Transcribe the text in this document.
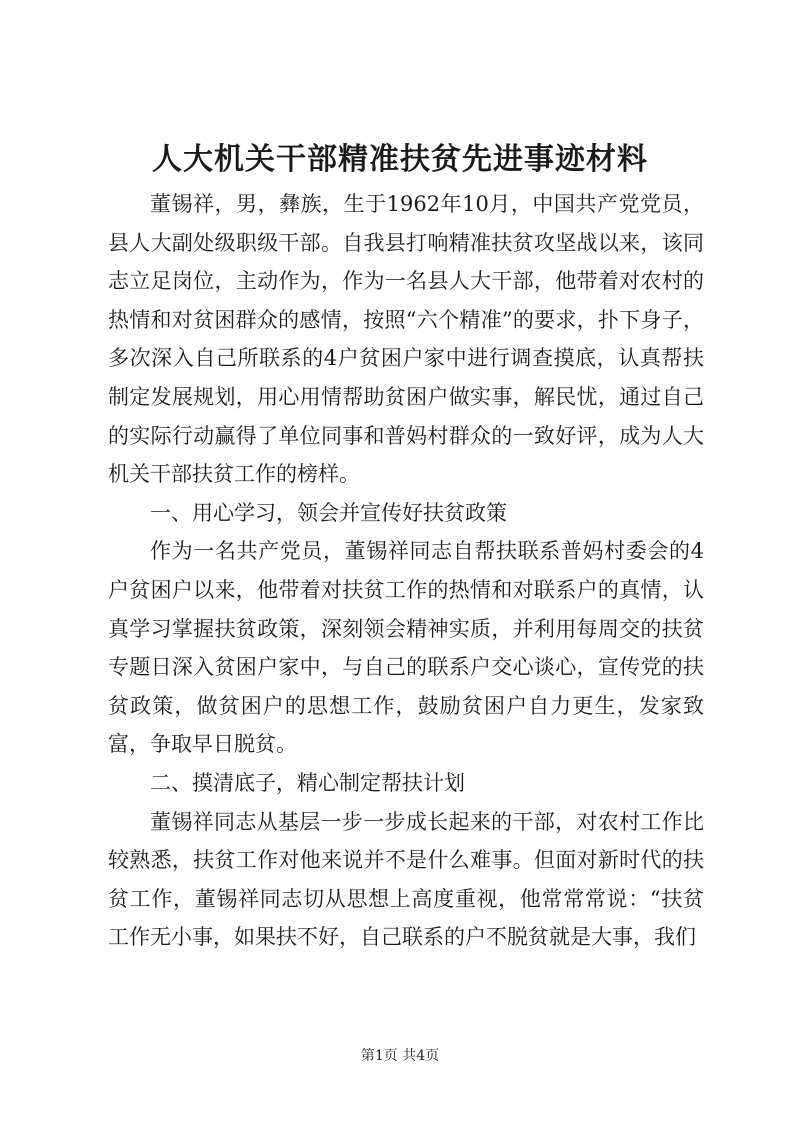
人大机关干部精准扶贫先进事迹材料

董锡祥，男，彝族，生于1962年10月，中国共产党党员，县人大副处级职级干部。自我县打响精准扶贫攻坚战以来，该同志立足岗位，主动作为，作为一名县人大干部，他带着对农村的热情和对贫困群众的感情，按照“六个精准”的要求，扑下身子，多次深入自己所联系的4户贫困户家中进行调查摸底，认真帮扶制定发展规划，用心用情帮助贫困户做实事，解民忧，通过自己的实际行动赢得了单位同事和普妈村群众的一致好评，成为人大机关干部扶贫工作的榜样。

一、用心学习，领会并宣传好扶贫政策

作为一名共产党员，董锡祥同志自帮扶联系普妈村委会的4户贫困户以来，他带着对扶贫工作的热情和对联系户的真情，认真学习掌握扶贫政策，深刻领会精神实质，并利用每周交的扶贫专题日深入贫困户家中，与自己的联系户交心谈心，宣传党的扶贫政策，做贫困户的思想工作，鼓励贫困户自力更生，发家致富，争取早日脱贫。

二、摸清底子，精心制定帮扶计划

董锡祥同志从基层一步一步成长起来的干部，对农村工作比较熟悉，扶贫工作对他来说并不是什么难事。但面对新时代的扶贫工作，董锡祥同志切从思想上高度重视，他常常常说：“扶贫工作无小事，如果扶不好，自己联系的户不脱贫就是大事，我们

第1页 共4页
